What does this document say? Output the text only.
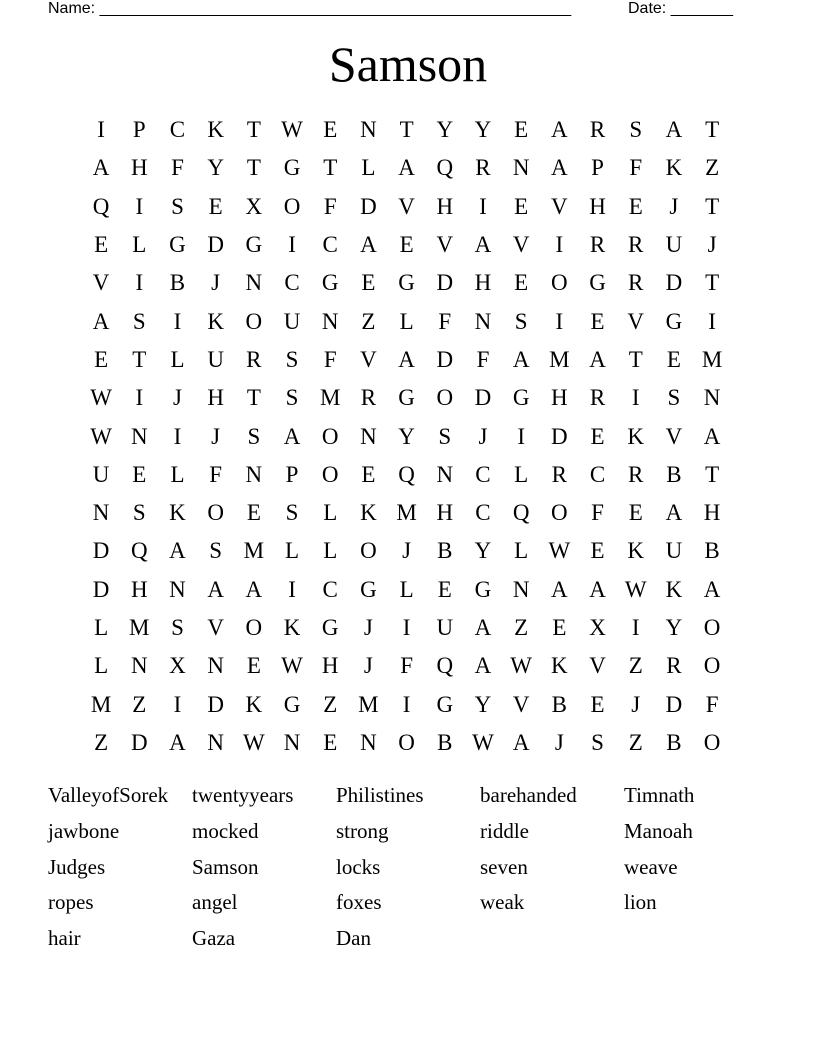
Name: _____________________________________________________	Date: _______
Samson
I	P	C K T W E N T Y Y E A R	S	A T
A H	F	Y T G T	L A Q R N A	P	F	K Z
Q	I	S	E X O	F	D V H	I	E V H E	J	T
E	L G D G	I	C A E V A V	I	R R U	J
V	I	B	J	N C G E G D H E O G R D T
A	S	I	K O U N Z	L	F	N	S	I	E V G	I
E	T	L U R	S	F	V A D	F	A M A T	E M
W	I	J	H T	S M R G O D G H R	I	S	N
W N	I	J	S	A O N Y	S	J	I	D E K V A
U E	L	F	N	P	O E Q N C	L	R C R B	T
N	S	K O E	S	L K M H C Q O	F	E A H
D Q A	S M L	L O	J	B Y L W E K U B
D H N A A	I	C G L	E G N A A W K A
L M S	V O K G	J	I	U A Z	E X	I	Y O
L N X N E W H	J	F	Q A W K V Z	R O
M Z	I	D K G Z M	I	G Y V B	E	J	D	F
Z D A N W N E N O B W A	J	S	Z	B O
ValleyofSorek	twentyyears	Philistines	barehanded	Timnath
jawbone	mocked	strong	riddle	Manoah
Judges	Samson	locks	seven	weave
ropes	angel	foxes	weak	lion
hair	Gaza	Dan
